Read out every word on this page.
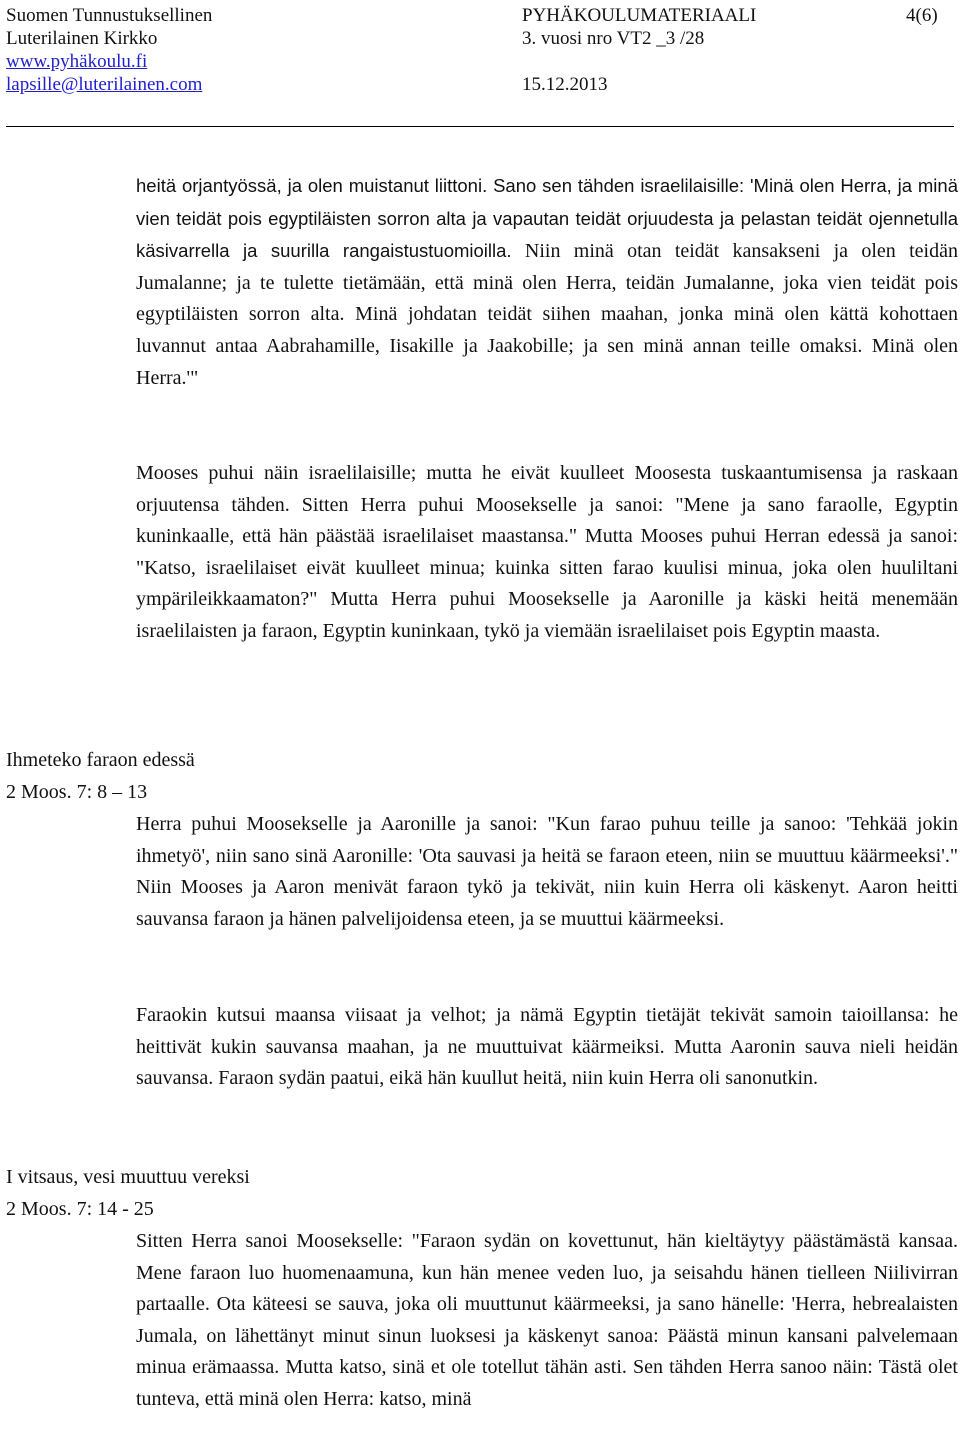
Suomen Tunnustuksellinen
Luterilainen Kirkko
www.pyhäkoulu.fi
lapsille@luterilainen.com
PYHÄKOULUMATERIAALI
3. vuosi nro VT2 _3 /28

15.12.2013
4(6)

heitä orjantyössä, ja olen muistanut liittoni. Sano sen tähden israelilaisille: 'Minä olen Herra, ja minä vien teidät pois egyptiläisten sorron alta ja vapautan teidät orjuudesta ja pelastan teidät ojennetulla käsivarrella ja suurilla rangaistustuomioilla. Niin minä otan teidät kansakseni ja olen teidän Jumalanne; ja te tulette tietämään, että minä olen Herra, teidän Jumalanne, joka vien teidät pois egyptiläisten sorron alta. Minä johdatan teidät siihen maahan, jonka minä olen kättä kohottaen luvannut antaa Aabrahamille, Iisakille ja Jaakobille; ja sen minä annan teille omaksi. Minä olen Herra.'"

Mooses puhui näin israelilaisille; mutta he eivät kuulleet Moosesta tuskaantumisensa ja raskaan orjuutensa tähden. Sitten Herra puhui Moosekselle ja sanoi: "Mene ja sano faraolle, Egyptin kuninkaalle, että hän päästää israelilaiset maastansa." Mutta Mooses puhui Herran edessä ja sanoi: "Katso, israelilaiset eivät kuulleet minua; kuinka sitten farao kuulisi minua, joka olen huuliltani ympärileikkaamaton?" Mutta Herra puhui Moosekselle ja Aaronille ja käski heitä menemään israelilaisten ja faraon, Egyptin kuninkaan, tykö ja viemään israelilaiset pois Egyptin maasta.

Ihmeteko faraon edessä

2 Moos. 7: 8 – 13

Herra puhui Moosekselle ja Aaronille ja sanoi: "Kun farao puhuu teille ja sanoo: 'Tehkää jokin ihmetyö', niin sano sinä Aaronille: 'Ota sauvasi ja heitä se faraon eteen, niin se muuttuu käärmeeksi'." Niin Mooses ja Aaron menivät faraon tykö ja tekivät, niin kuin Herra oli käskenyt. Aaron heitti sauvansa faraon ja hänen palvelijoidensa eteen, ja se muuttui käärmeeksi.

Faraokin kutsui maansa viisaat ja velhot; ja nämä Egyptin tietäjät tekivät samoin taioillansa: he heittivät kukin sauvansa maahan, ja ne muuttuivat käärmeiksi. Mutta Aaronin sauva nieli heidän sauvansa. Faraon sydän paatui, eikä hän kuullut heitä, niin kuin Herra oli sanonutkin.

I vitsaus, vesi muuttuu vereksi

2 Moos. 7: 14 - 25

Sitten Herra sanoi Moosekselle: "Faraon sydän on kovettunut, hän kieltäytyy päästämästä kansaa. Mene faraon luo huomenaamuna, kun hän menee veden luo, ja seisahdu hänen tielleen Niilivirran partaalle. Ota käteesi se sauva, joka oli muuttunut käärmeeksi, ja sano hänelle: 'Herra, hebrealaisten Jumala, on lähettänyt minut sinun luoksesi ja käskenyt sanoa: Päästä minun kansani palvelemaan minua erämaassa. Mutta katso, sinä et ole totellut tähän asti. Sen tähden Herra sanoo näin: Tästä olet tunteva, että minä olen Herra: katso, minä
